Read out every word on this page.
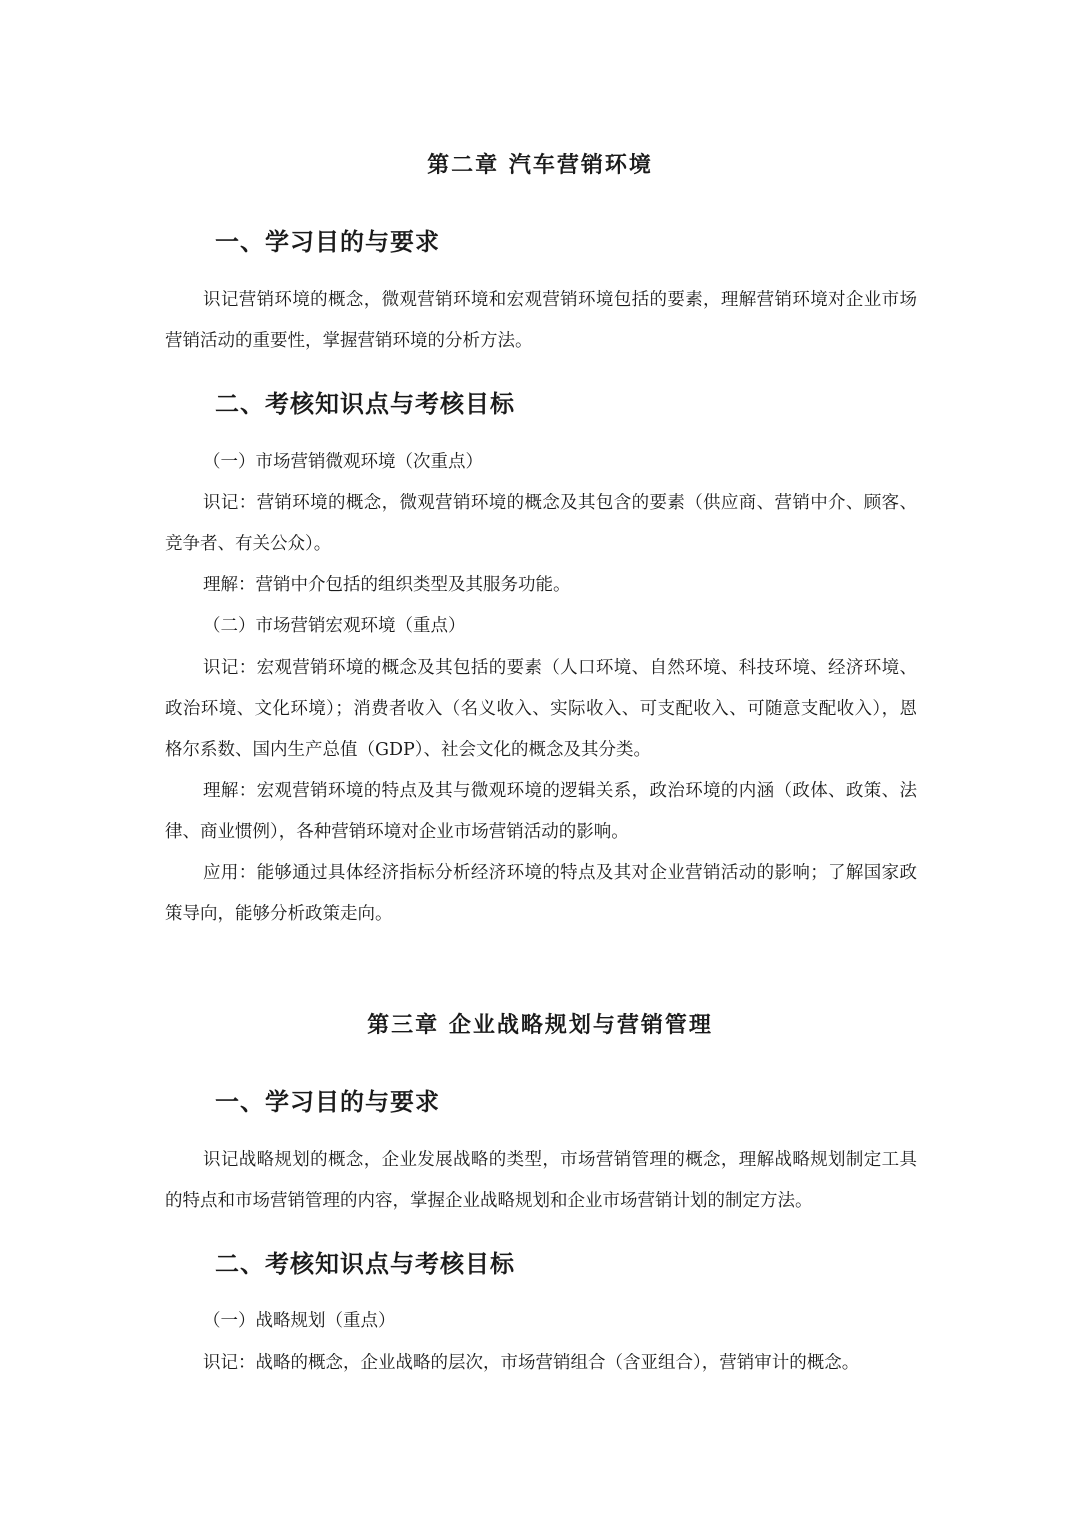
第二章 汽车营销环境
一、学习目的与要求
识记营销环境的概念，微观营销环境和宏观营销环境包括的要素，理解营销环境对企业市场营销活动的重要性，掌握营销环境的分析方法。
二、考核知识点与考核目标
（一）市场营销微观环境（次重点）

识记：营销环境的概念，微观营销环境的概念及其包含的要素（供应商、营销中介、顾客、竞争者、有关公众）。

理解：营销中介包括的组织类型及其服务功能。

（二）市场营销宏观环境（重点）

识记：宏观营销环境的概念及其包括的要素（人口环境、自然环境、科技环境、经济环境、政治环境、文化环境）；消费者收入（名义收入、实际收入、可支配收入、可随意支配收入），恩格尔系数、国内生产总值（GDP）、社会文化的概念及其分类。

理解：宏观营销环境的特点及其与微观环境的逻辑关系，政治环境的内涵（政体、政策、法律、商业惯例），各种营销环境对企业市场营销活动的影响。

应用：能够通过具体经济指标分析经济环境的特点及其对企业营销活动的影响；了解国家政策导向，能够分析政策走向。

第三章 企业战略规划与营销管理
一、学习目的与要求
识记战略规划的概念，企业发展战略的类型，市场营销管理的概念，理解战略规划制定工具的特点和市场营销管理的内容，掌握企业战略规划和企业市场营销计划的制定方法。
二、考核知识点与考核目标
（一）战略规划（重点）

识记：战略的概念，企业战略的层次，市场营销组合（含亚组合），营销审计的概念。
